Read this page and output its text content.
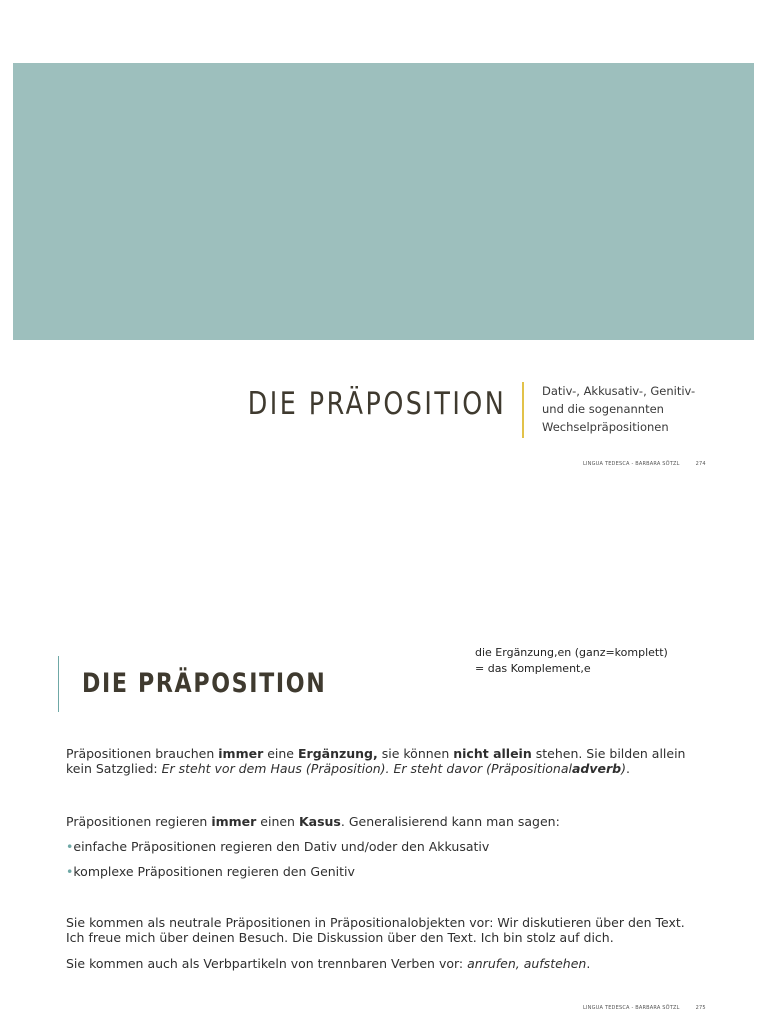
DIE PRÄPOSITION	Dativ-, Akkusativ-, Genitiv-
und die sogenannten
Wechselpräpositionen
LINGUA TEDESCA - BARBARA SÖTZL	274
DIE PRÄPOSITION
die Ergänzung,en (ganz=komplett)
= das Komplement,e

Präpositionen brauchen immer eine Ergänzung, sie können nicht allein stehen. Sie bilden allein kein Satzglied: Er steht vor dem Haus (Präposition). Er steht davor (Präpositionaladverb).

Präpositionen regieren immer einen Kasus. Generalisierend kann man sagen:

•einfache Präpositionen regieren den Dativ und/oder den Akkusativ

•komplexe Präpositionen regieren den Genitiv

Sie kommen als neutrale Präpositionen in Präpositionalobjekten vor: Wir diskutieren über den Text. Ich freue mich über deinen Besuch. Die Diskussion über den Text. Ich bin stolz auf dich.

Sie kommen auch als Verbpartikeln von trennbaren Verben vor: anrufen, aufstehen.

LINGUA TEDESCA - BARBARA SÖTZL	275
